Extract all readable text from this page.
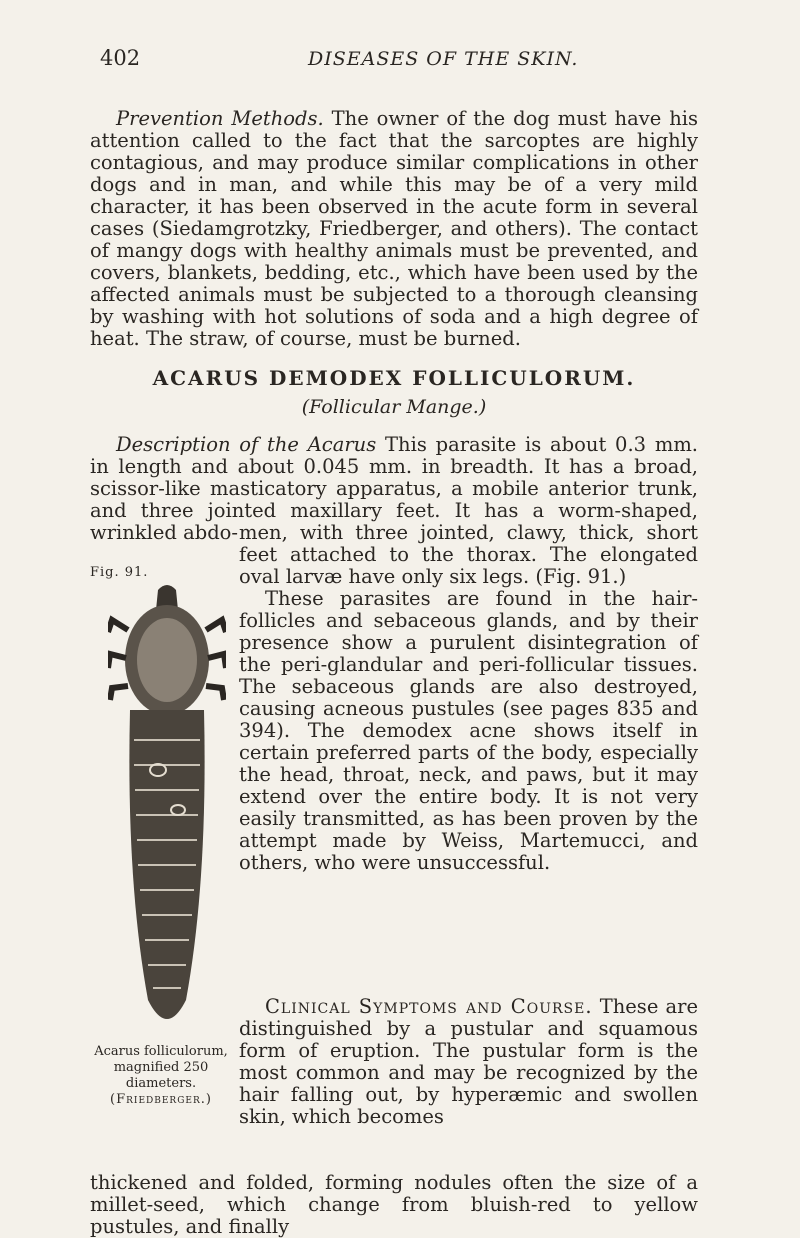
402	DISEASES OF THE SKIN.
Prevention Methods. The owner of the dog must have his attention called to the fact that the sarcoptes are highly contagious, and may produce similar complications in other dogs and in man, and while this may be of a very mild character, it has been observed in the acute form in several cases (Siedamgrotzky, Friedberger, and others). The contact of mangy dogs with healthy animals must be prevented, and covers, blankets, bedding, etc., which have been used by the affected animals must be subjected to a thorough cleansing by washing with hot solutions of soda and a high degree of heat. The straw, of course, must be burned.
ACARUS DEMODEX FOLLICULORUM.
(Follicular Mange.)
Description of the Acarus This parasite is about 0.3 mm. in length and about 0.045 mm. in breadth. It has a broad, scissor-like masticatory apparatus, a mobile anterior trunk, and three jointed maxillary feet. It has a worm-shaped, wrinkled abdo- men, with three jointed, clawy, thick, short feet attached to the thorax. The elongated oval larvæ have only six legs. (Fig. 91.)
These parasites are found in the hair-follicles and sebaceous glands, and by their presence show a purulent disintegration of the peri-glandular and peri-follicular tissues. The sebaceous glands are also destroyed, causing acneous pustules (see pages 835 and 394). The demodex acne shows itself in certain preferred parts of the body, especially the head, throat, neck, and paws, but it may extend over the entire body. It is not very easily transmitted, as has been proven by the attempt made by Weiss, Martemucci, and others, who were unsuccessful.
Clinical Symptoms and Course. These are distinguished by a pustular and squamous form of eruption. The pustular form is the most common and may be recognized by the hair falling out, by hyperæmic and swollen skin, which becomes
thickened and folded, forming nodules often the size of a millet-seed, which change from bluish-red to yellow pustules, and finally
Fig. 91.
Acarus folliculorum, magnified 250 diameters.
(Friedberger.)
